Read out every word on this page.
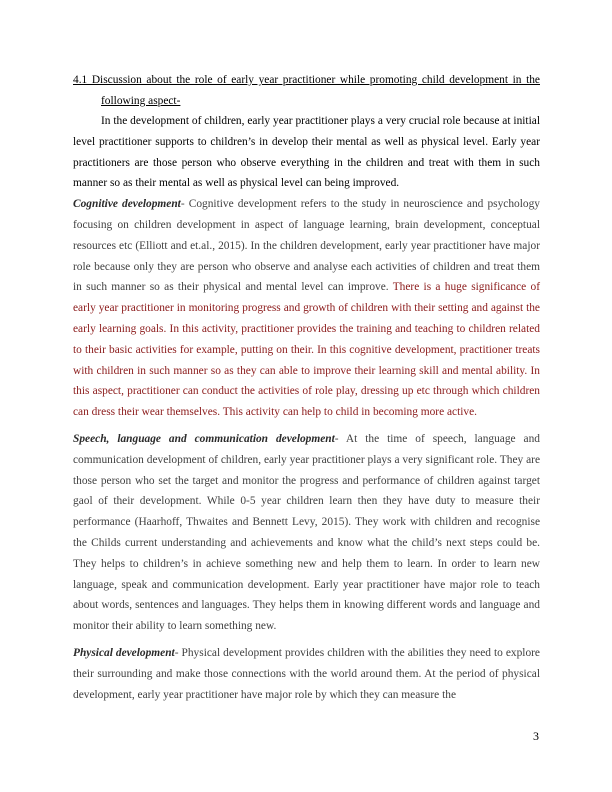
4.1 Discussion about the role of early year practitioner while promoting child development in the following aspect-

In the development of children, early year practitioner plays a very crucial role because at initial level practitioner supports to children’s in develop their mental as well as physical level. Early year practitioners are those person who observe everything in the children and treat with them in such manner so as their mental as well as physical level can being improved.

Cognitive development- Cognitive development refers to the study in neuroscience and psychology focusing on children development in aspect of language learning, brain development, conceptual resources etc (Elliott and et.al., 2015). In the children development, early year practitioner have major role because only they are person who observe and analyse each activities of children and treat them in such manner so as their physical and mental level can improve. There is a huge significance of early year practitioner in monitoring progress and growth of children with their setting and against the early learning goals. In this activity, practitioner provides the training and teaching to children related to their basic activities for example, putting on their. In this cognitive development, practitioner treats with children in such manner so as they can able to improve their learning skill and mental ability. In this aspect, practitioner can conduct the activities of role play, dressing up etc through which children can dress their wear themselves. This activity can help to child in becoming more active.

Speech, language and communication development- At the time of speech, language and communication development of children, early year practitioner plays a very significant role. They are those person who set the target and monitor the progress and performance of children against target gaol of their development. While 0-5 year children learn then they have duty to measure their performance (Haarhoff, Thwaites and Bennett Levy, 2015). They work with children and recognise the Childs current understanding and achievements and know what the child’s next steps could be. They helps to children’s in achieve something new and help them to learn. In order to learn new language, speak and communication development. Early year practitioner have major role to teach about words, sentences and languages. They helps them in knowing different words and language and monitor their ability to learn something new.

Physical development- Physical development provides children with the abilities they need to explore their surrounding and make those connections with the world around them. At the period of physical development, early year practitioner have major role by which they can measure the

3
